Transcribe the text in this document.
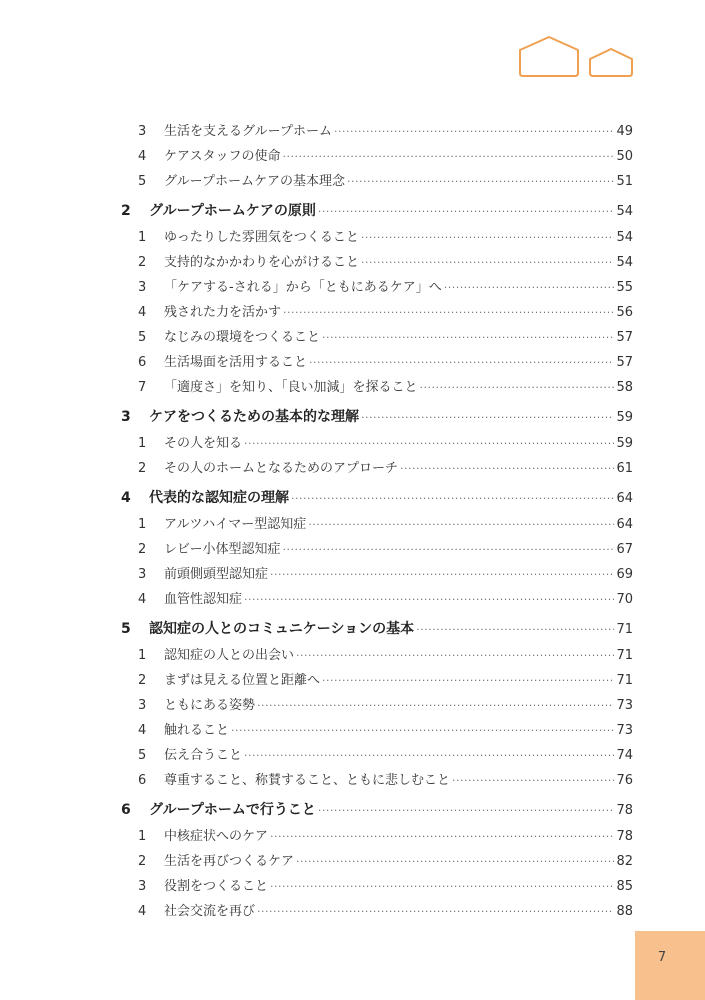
3	生活を支えるグループホーム ·····	49
4	ケアスタッフの使命 ·····	50
5	グループホームケアの基本理念 ·····	51
2	グループホームケアの原則 ·····	54
1	ゆったりした雰囲気をつくること ·····	54
2	支持的なかかわりを心がけること ·····	54
3	「ケアする-される」から「ともにあるケア」へ ·····	55
4	残された力を活かす ·····	56
5	なじみの環境をつくること ·····	57
6	生活場面を活用すること ·····	57
7	「適度さ」を知り、「良い加減」を探ること ·····	58
3	ケアをつくるための基本的な理解 ·····	59
1	その人を知る ·····	59
2	その人のホームとなるためのアプローチ ·····	61
4	代表的な認知症の理解 ·····	64
1	アルツハイマー型認知症 ·····	64
2	レビー小体型認知症 ·····	67
3	前頭側頭型認知症 ·····	69
4	血管性認知症 ·····	70
5	認知症の人とのコミュニケーションの基本 ·····	71
1	認知症の人との出会い ·····	71
2	まずは見える位置と距離へ ·····	71
3	ともにある姿勢 ·····	73
4	触れること ·····	73
5	伝え合うこと ·····	74
6	尊重すること、称賛すること、ともに悲しむこと ·····	76
6	グループホームで行うこと ·····	78
1	中核症状へのケア ·····	78
2	生活を再びつくるケア ·····	82
3	役割をつくること ·····	85
4	社会交流を再び ·····	88
7
